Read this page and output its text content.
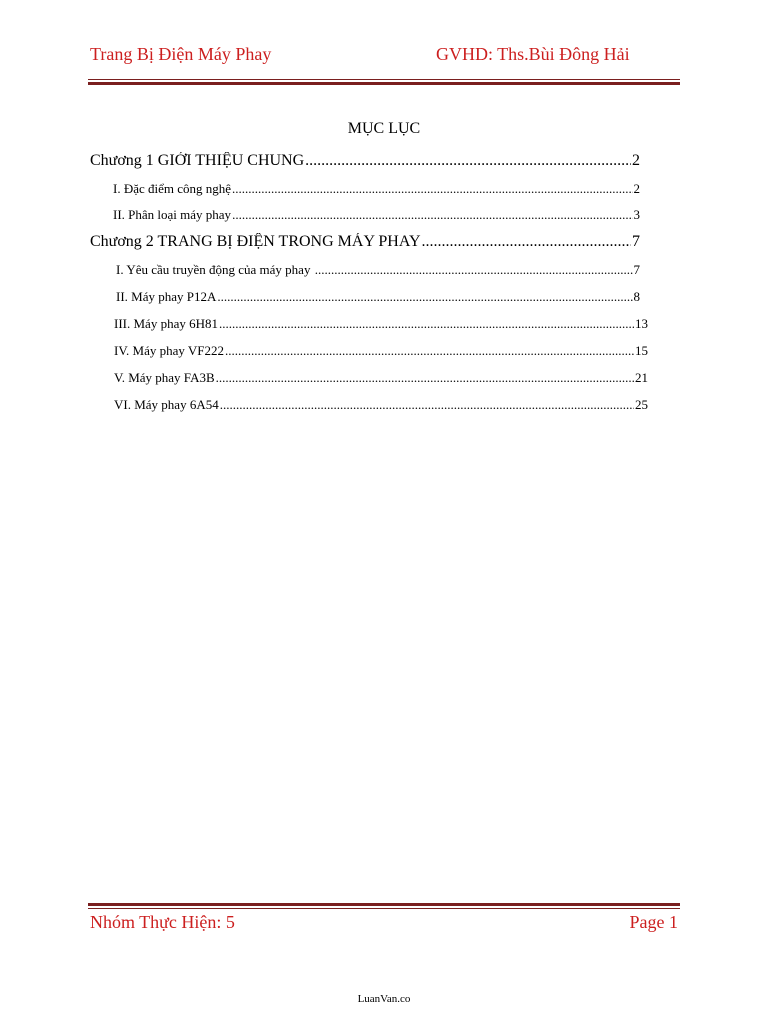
Trang Bị Điện Máy Phay	GVHD: Ths.Bùi Đông Hải
MỤC LỤC
Chương 1 GIỚI THIỆU CHUNG .....	2
I. Đặc điểm công nghệ .....	2
II. Phân loại máy phay .....	3
Chương 2 TRANG BỊ ĐIỆN TRONG MÁY PHAY .....	7
I. Yêu cầu truyền động của máy phay .....	7
II. Máy phay P12A .....	8
III. Máy phay 6H81 .....	13
IV. Máy phay VF222 .....	15
V. Máy phay FA3B .....	21
VI. Máy phay 6A54 .....	25
Nhóm Thực Hiện: 5	Page 1
LuanVan.co
